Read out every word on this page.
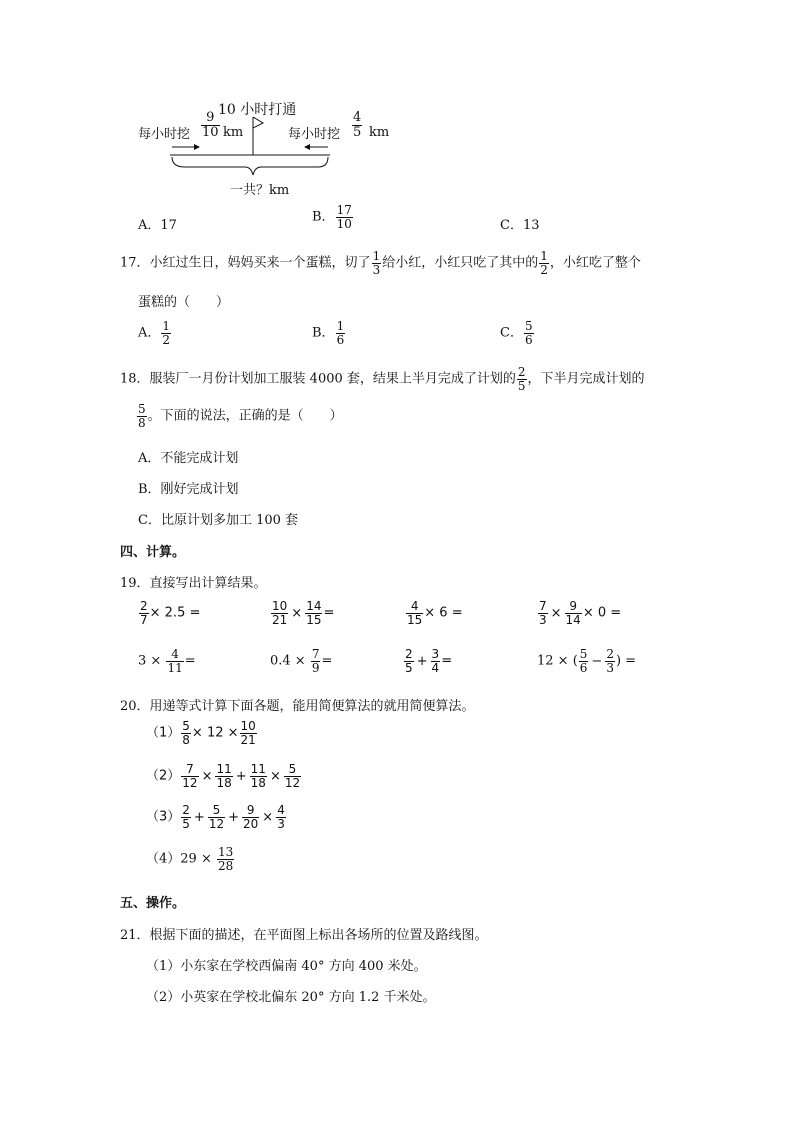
每小时挖 $\frac{9}{10}$ km
10 小时打通
每小时挖 $\frac{4}{5}$ km
一共？km
A．17
B． $\frac{17}{10}$	C．13
17．小红过生日，妈妈买来一个蛋糕，切了 $\frac{1}{3}$ 给小红，小红只吃了其中的 $\frac{1}{2}$ ，小红吃了整个
蛋糕的（　　）
A． $\frac{1}{2}$	B． $\frac{1}{6}$	C． $\frac{5}{6}$
18．服装厂一月份计划加工服装 4000 套，结果上半月完成了计划的 $\frac{2}{5}$ ，下半月完成计划的
$\frac{5}{8}$ 。下面的说法，正确的是（　　）
A．不能完成计划
B．刚好完成计划
C．比原计划多加工 100 套
四、计算。
19．直接写出计算结果。
$\frac{2}{7} \times 2.5$ =	$\frac{10}{21} \times \frac{14}{15}$ =	$\frac{4}{15} \times 6$ =	$\frac{7}{3} \times \frac{9}{14} \times 0$ =
$3 \times \frac{4}{11}$ =	$0.4 \times \frac{7}{9}$ =	$\frac{2}{5} + \frac{3}{4}$ =	12 × ( $\frac{5}{6} - \frac{2}{3}$ ) =
20．用递等式计算下面各题，能用简便算法的就用简便算法。
$(1) \frac{5}{8} \times 12 \times \frac{10}{21}$
$(2) \frac{7}{12} \times \frac{11}{18} + \frac{11}{18} \times \frac{5}{12}$
$(3) \frac{2}{5} + \frac{5}{12} + \frac{9}{20} \times \frac{4}{3}$
$(4)29 \times \frac{13}{28}$
五、操作。
21．根据下面的描述，在平面图上标出各场所的位置及路线图。
（1）小东家在学校西偏南 40° 方向 400 米处。
（2）小英家在学校北偏东 20° 方向 1.2 千米处。
